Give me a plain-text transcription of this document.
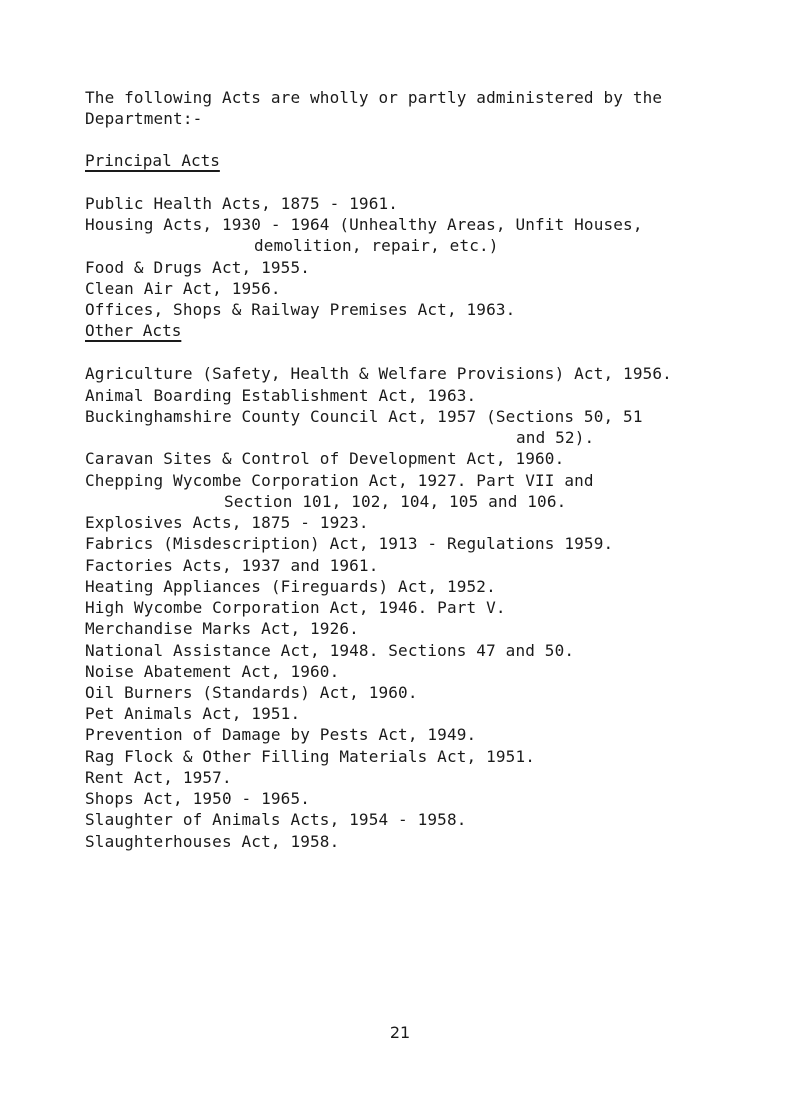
The following Acts are wholly or partly administered by the
Department:-
Principal Acts
Public Health Acts, 1875 - 1961.
Housing Acts, 1930 - 1964 (Unhealthy Areas, Unfit Houses,
demolition, repair, etc.)
Food & Drugs Act, 1955.
Clean Air Act, 1956.
Offices, Shops & Railway Premises Act, 1963.
Other Acts
Agriculture (Safety, Health & Welfare Provisions) Act, 1956.
Animal Boarding Establishment Act, 1963.
Buckinghamshire County Council Act, 1957 (Sections 50, 51
and 52).
Caravan Sites & Control of Development Act, 1960.
Chepping Wycombe Corporation Act, 1927. Part VII and
Section 101, 102, 104, 105 and 106.
Explosives Acts, 1875 - 1923.
Fabrics (Misdescription) Act, 1913 - Regulations 1959.
Factories Acts, 1937 and 1961.
Heating Appliances (Fireguards) Act, 1952.
High Wycombe Corporation Act, 1946. Part V.
Merchandise Marks Act, 1926.
National Assistance Act, 1948. Sections 47 and 50.
Noise Abatement Act, 1960.
Oil Burners (Standards) Act, 1960.
Pet Animals Act, 1951.
Prevention of Damage by Pests Act, 1949.
Rag Flock & Other Filling Materials Act, 1951.
Rent Act, 1957.
Shops Act, 1950 - 1965.
Slaughter of Animals Acts, 1954 - 1958.
Slaughterhouses Act, 1958.
21
